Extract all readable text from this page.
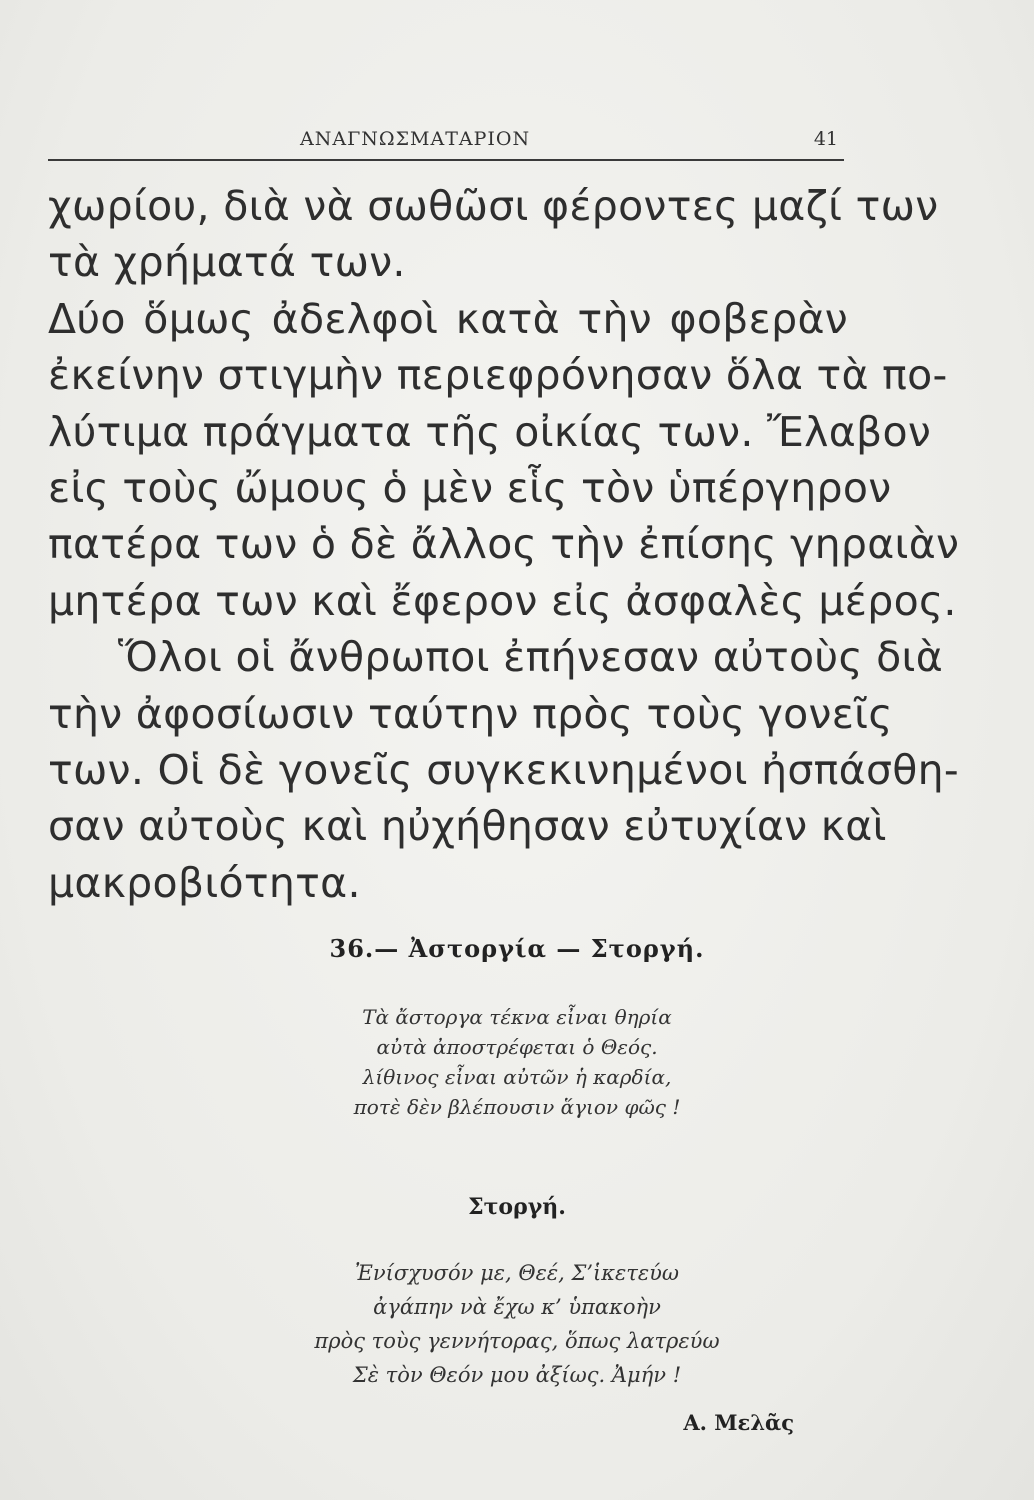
ΑΝΑΓΝΩΣΜΑΤΑΡΙΟΝ	41
χωρίου, διὰ νὰ σωθῶσι φέροντες μαζί των
τὰ χρήματά των.
Δύο ὅμως ἀδελφοὶ κατὰ τὴν φοβερὰν
ἐκείνην στιγμὴν περιεφρόνησαν ὅλα τὰ πο-
λύτιμα πράγματα τῆς οἰκίας των. Ἔλαβον
εἰς τοὺς ὤμους ὁ μὲν εἷς τὸν ὑπέργηρον
πατέρα των ὁ δὲ ἄλλος τὴν ἐπίσης γηραιὰν
μητέρα των καὶ ἔφερον εἰς ἀσφαλὲς μέρος.
Ὅλοι οἱ ἄνθρωποι ἐπήνεσαν αὐτοὺς διὰ
τὴν ἀφοσίωσιν ταύτην πρὸς τοὺς γονεῖς
των. Οἱ δὲ γονεῖς συγκεκινημένοι ἠσπάσθη-
σαν αὐτοὺς καὶ ηὐχήθησαν εὐτυχίαν καὶ
μακροβιότητα.
36.— Ἀστοργία — Στοργή.
Τὰ ἄστοργα τέκνα εἶναι θηρία
αὐτὰ ἀποστρέφεται ὁ Θεός.
λίθινος εἶναι αὐτῶν ἡ καρδία,
ποτὲ δὲν βλέπουσιν ἅγιον φῶς !
Στοργή.
Ἐνίσχυσόν με, Θεέ, Σ’ἱκετεύω
ἀγάπην νὰ ἔχω κ’ ὑπακοὴν
πρὸς τοὺς γεννήτορας, ὅπως λατρεύω
Σὲ τὸν Θεόν μου ἀξίως. Ἀμήν !
Α. Μελᾶς
